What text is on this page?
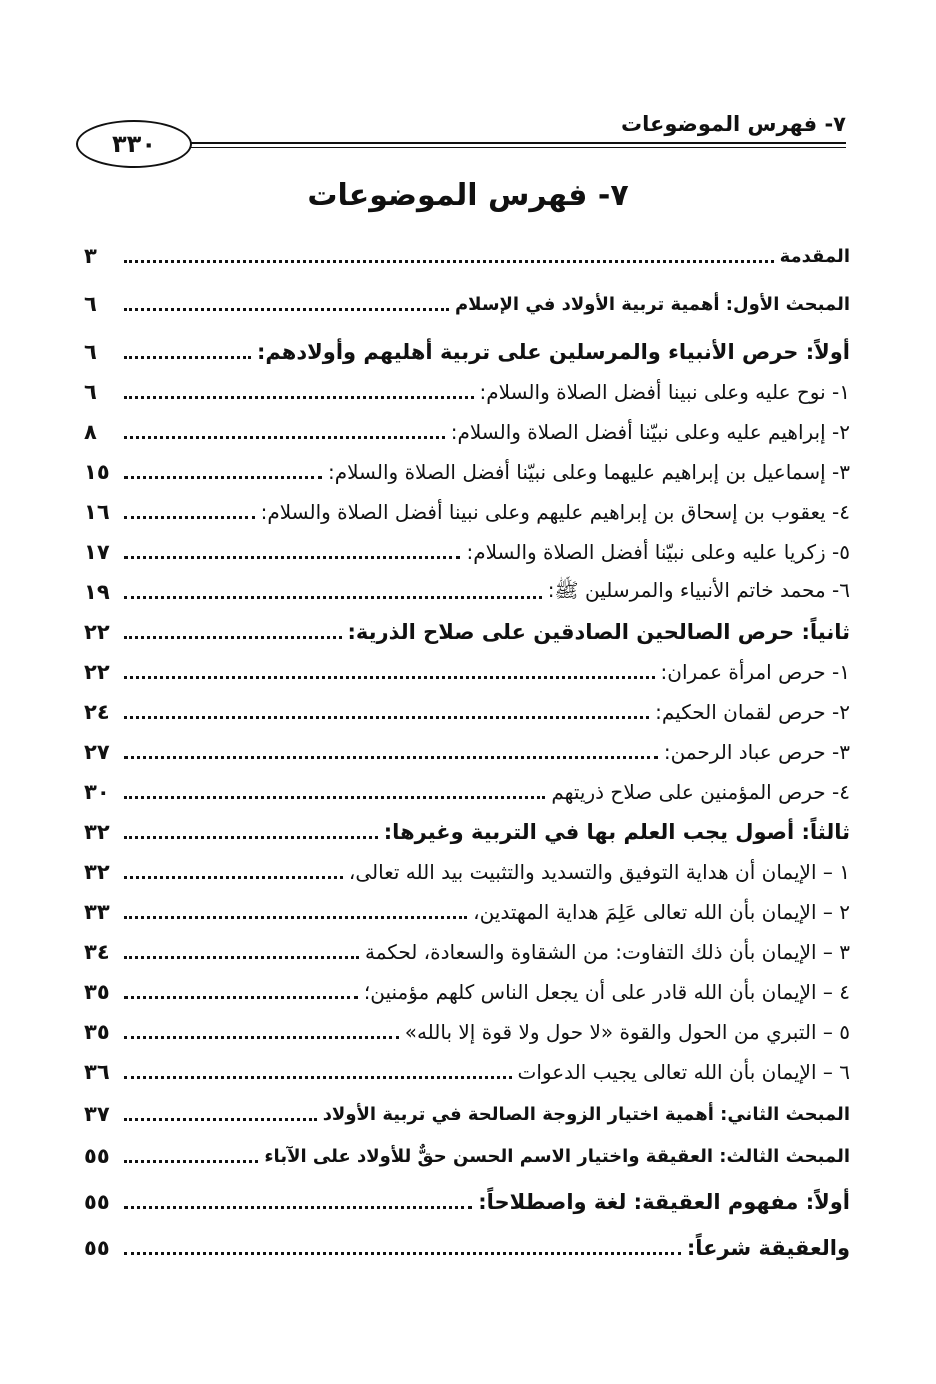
٧- فهرس الموضوعات
٣٣٠
٧- فهرس الموضوعات
المقدمة
٣
المبحث الأول: أهمية تربية الأولاد في الإسلام
٦
أولاً: حرص الأنبياء والمرسلين على تربية أهليهم وأولادهم:
٦
١- نوح عليه وعلى نبينا أفضل الصلاة والسلام:
٦
٢- إبراهيم عليه وعلى نبيّنا أفضل الصلاة والسلام:
٨
٣- إسماعيل بن إبراهيم عليهما وعلى نبيّنا أفضل الصلاة والسلام:
١٥
٤- يعقوب بن إسحاق بن إبراهيم عليهم وعلى نبينا أفضل الصلاة والسلام:
١٦
٥- زكريا عليه وعلى نبيّنا أفضل الصلاة والسلام:
١٧
٦- محمد خاتم الأنبياء والمرسلين ﷺ:
١٩
ثانياً: حرص الصالحين الصادقين على صلاح الذرية:
٢٢
١- حرص امرأة عمران:
٢٢
٢- حرص لقمان الحكيم:
٢٤
٣- حرص عباد الرحمن:
٢٧
٤- حرص المؤمنين على صلاح ذريتهم
٣٠
ثالثاً: أصول يجب العلم بها في التربية وغيرها:
٣٢
١ – الإيمان أن هداية التوفيق والتسديد والتثبيت بيد الله تعالى،
٣٢
٢ – الإيمان بأن الله تعالى عَلِمَ هداية المهتدين،
٣٣
٣ – الإيمان بأن ذلك التفاوت: من الشقاوة والسعادة، لحكمة
٣٤
٤ – الإيمان بأن الله قادر على أن يجعل الناس كلهم مؤمنين؛
٣٥
٥ – التبري من الحول والقوة «لا حول ولا قوة إلا بالله»
٣٥
٦ – الإيمان بأن الله تعالى يجيب الدعوات
٣٦
المبحث الثاني: أهمية اختيار الزوجة الصالحة في تربية الأولاد
٣٧
المبحث الثالث: العقيقة واختيار الاسم الحسن حقٌّ للأولاد على الآباء
٥٥
أولاً: مفهوم العقيقة: لغة واصطلاحاً:
٥٥
والعقيقة شرعاً:
٥٥
